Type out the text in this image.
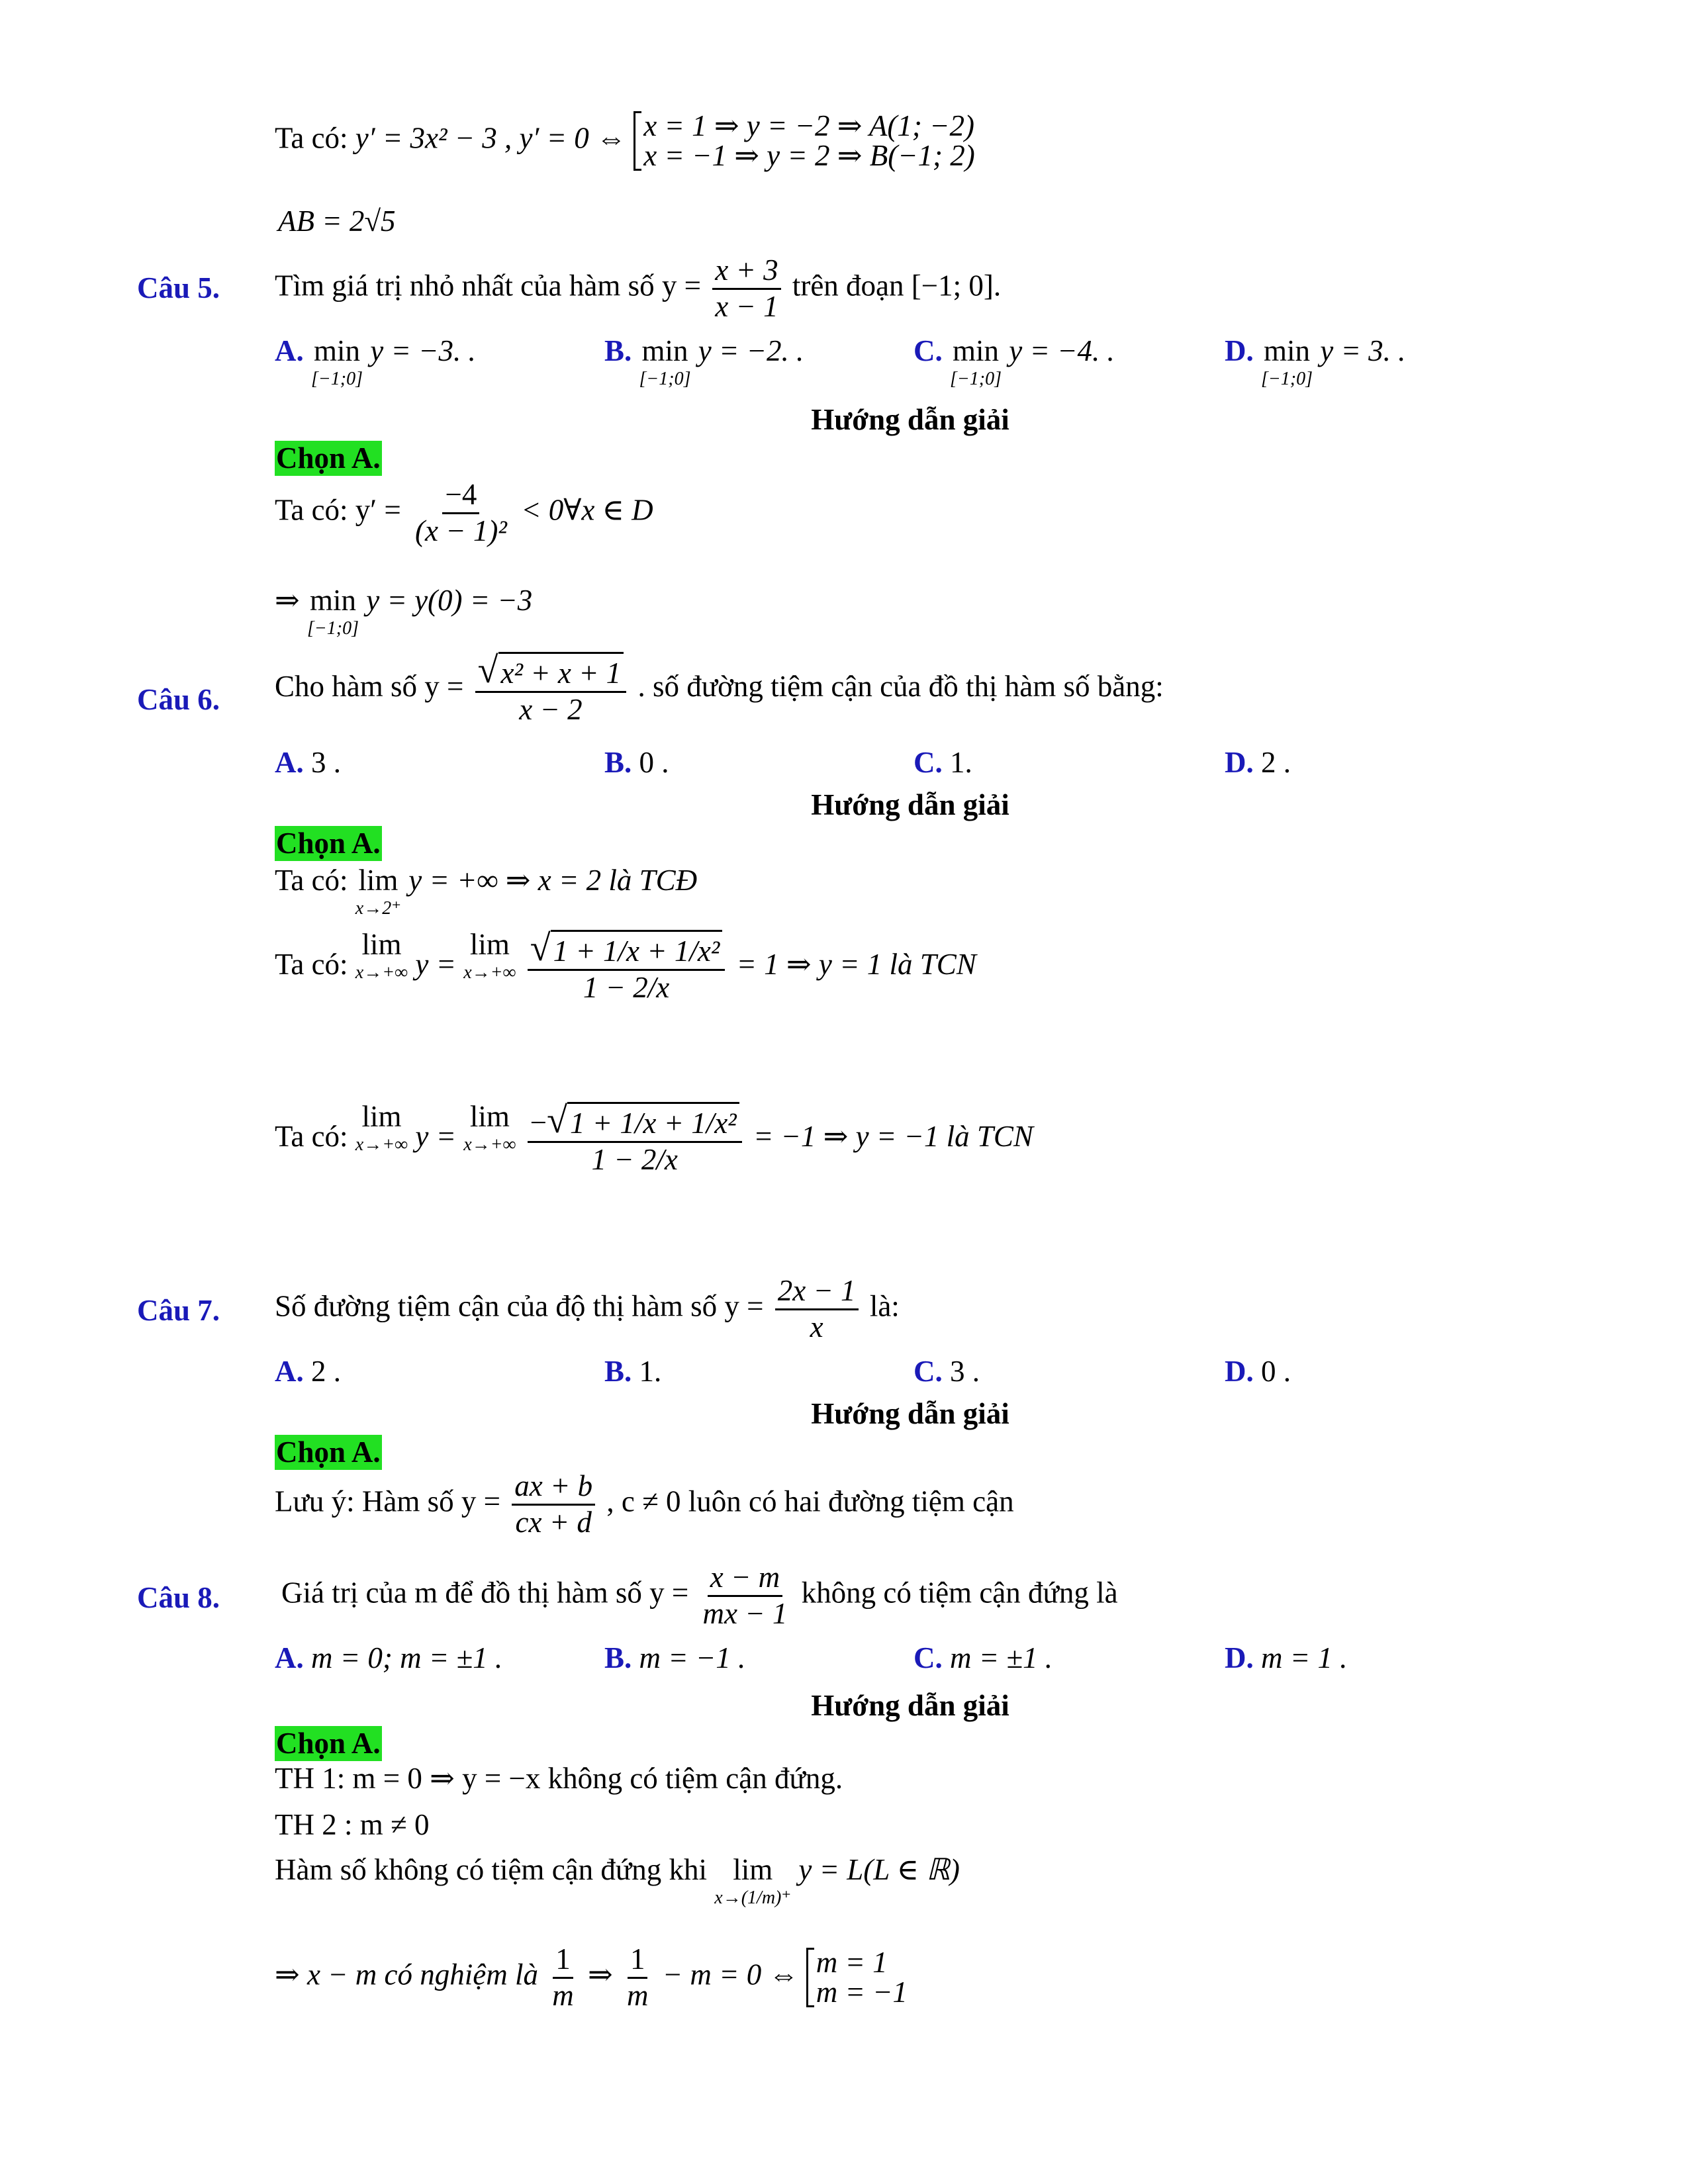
Ta có: y′ = 3x² − 3 , y′ = 0 ⇔ x = 1 ⇒ y = −2 ⇒ A(1; −2)
x = −1 ⇒ y = 2 ⇒ B(−1; 2)
AB = 2√5
Câu 5. Tìm giá trị nhỏ nhất của hàm số $y = \frac{x + 3}{x - 1}$ trên đoạn [−1; 0].
A. min
[−1;0]
y = −3. .	B. min
[−1;0]
y = −2. .	C. min
[−1;0]
y = −4. .	D. min
[−1;0]
y = 3. .
Hướng dẫn giải
Chọn A.
Ta có: $y' = \frac{-4}{\text{(x − 1)²}}$ < 0∀x ∈ D
⇒ min
[−1;0]
y = y(0) = −3
Câu 6. Cho hàm số $y = \frac{\text{√ x² + x + 1}}{x - 2}$ . số đường tiệm cận của đồ thị hàm số bằng:
A. 3 .	B. 0 .	C. 1.	D. 2 .
Hướng dẫn giải
Chọn A.
Ta có: lim
x→2⁺
y = +∞ ⇒ x = 2 là TCĐ
Ta có:
lim
x→+∞ y =
lim
x→+∞
$\frac{\text{√ 1 + 1/x + 1/x²}}{1 - 2/x} = 1$ ⇒ y = 1 là TCN
Ta có:
lim
x→+∞ y =
lim
x→+∞
$\frac{\text{− √ 1 + 1/x + 1/x²}}{1 - 2/x} = -1$ ⇒ y = −1 là TCN
Câu 7. Số đường tiệm cận của độ thị hàm số $y = \frac{2x - 1}{x}$ là:
A. 2 .	B. 1.	C. 3 .	D. 0 .
Hướng dẫn giải
Chọn A.
Lưu ý: Hàm số $y = \frac{ax + b}{cx + d}$ , c ≠ 0 luôn có hai đường tiệm cận
Câu 8. Giá trị của m để đồ thị hàm số $y = \frac{x - m}{mx - 1}$ không có tiệm cận đứng là
A. m = 0; m = ±1 .	B. m = −1 .	C. m = ±1 .	D. m = 1 .
Hướng dẫn giải
Chọn A.
TH 1: m = 0 ⇒ y = −x không có tiệm cận đứng.
TH 2 : m ≠ 0
Hàm số không có tiệm cận đứng khi lim
x→(1/m)⁺
y = L(L ∈ ℝ)
⇒ x − m có nghiệm là $\frac{1}{m}$ ⇒ $\frac{1}{m} - m = 0$ ⇔ m = 1
m = −1
